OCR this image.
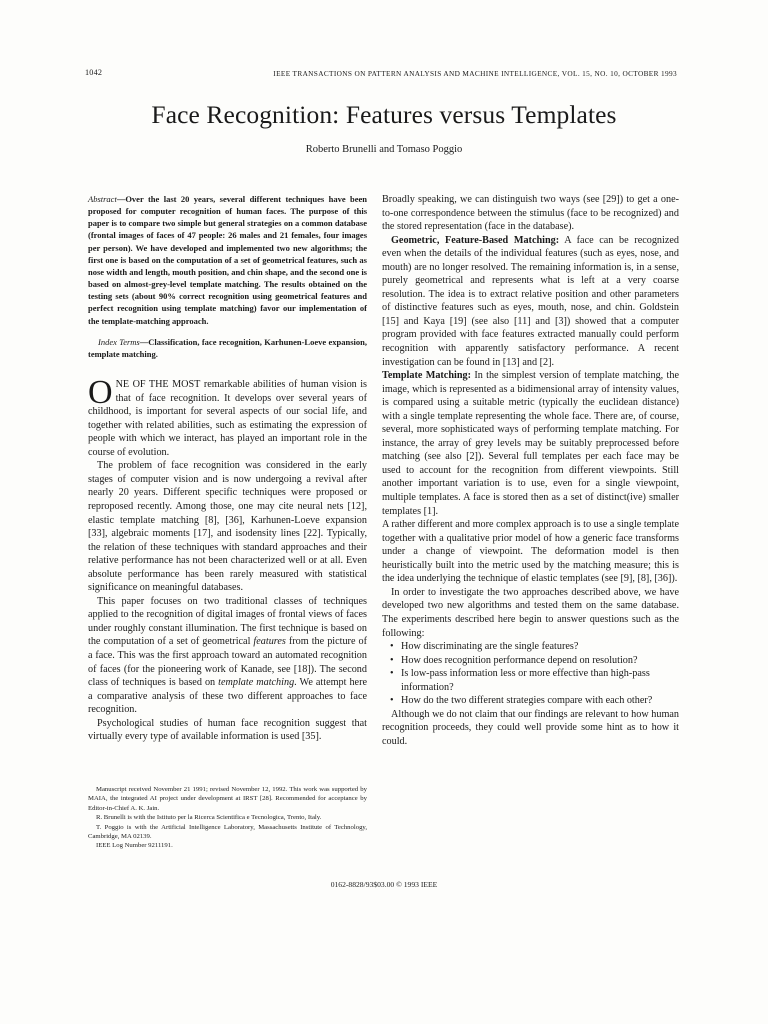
1042	IEEE TRANSACTIONS ON PATTERN ANALYSIS AND MACHINE INTELLIGENCE, VOL. 15, NO. 10, OCTOBER 1993
Face Recognition: Features versus Templates
Roberto Brunelli and Tomaso Poggio

Abstract—Over the last 20 years, several different techniques have been proposed for computer recognition of human faces. The purpose of this paper is to compare two simple but general strategies on a common database (frontal images of faces of 47 people: 26 males and 21 females, four images per person). We have developed and implemented two new algorithms; the first one is based on the computation of a set of geometrical features, such as nose width and length, mouth position, and chin shape, and the second one is based on almost-grey-level template matching. The results obtained on the testing sets (about 90% correct recognition using geometrical features and perfect recognition using template matching) favor our implementation of the template-matching approach.

Index Terms—Classification, face recognition, Karhunen-Loeve expansion, template matching.

ONE OF THE MOST remarkable abilities of human vision is that of face recognition. It develops over several years of childhood, is important for several aspects of our social life, and together with related abilities, such as estimating the expression of people with which we interact, has played an important role in the course of evolution.

The problem of face recognition was considered in the early stages of computer vision and is now undergoing a revival after nearly 20 years. Different specific techniques were proposed or reproposed recently. Among those, one may cite neural nets [12], elastic template matching [8], [36], Karhunen-Loeve expansion [33], algebraic moments [17], and isodensity lines [22]. Typically, the relation of these techniques with standard approaches and their relative performance has not been characterized well or at all. Even absolute performance has been rarely measured with statistical significance on meaningful databases.

This paper focuses on two traditional classes of techniques applied to the recognition of digital images of frontal views of faces under roughly constant illumination. The first technique is based on the computation of a set of geometrical features from the picture of a face. This was the first approach toward an automated recognition of faces (for the pioneering work of Kanade, see [18]). The second class of techniques is based on template matching. We attempt here a comparative analysis of these two different approaches to face recognition.

Psychological studies of human face recognition suggest that virtually every type of available information is used [35].

Manuscript received November 21 1991; revised November 12, 1992. This work was supported by MAIA, the integrated AI project under development at IRST [28]. Recommended for acceptance by Editor-in-Chief A. K. Jain.

R. Brunelli is with the Istituto per la Ricerca Scientifica e Tecnologica, Trento, Italy.

T. Poggio is with the Artificial Intelligence Laboratory, Massachusetts Institute of Technology, Cambridge, MA 02139.

IEEE Log Number 9211191.

Broadly speaking, we can distinguish two ways (see [29]) to get a one-to-one correspondence between the stimulus (face to be recognized) and the stored representation (face in the database).

Geometric, Feature-Based Matching: A face can be recognized even when the details of the individual features (such as eyes, nose, and mouth) are no longer resolved. The remaining information is, in a sense, purely geometrical and represents what is left at a very coarse resolution. The idea is to extract relative position and other parameters of distinctive features such as eyes, mouth, nose, and chin. Goldstein [15] and Kaya [19] (see also [11] and [3]) showed that a computer program provided with face features extracted manually could perform recognition with apparently satisfactory performance. A recent investigation can be found in [13] and [2].

Template Matching: In the simplest version of template matching, the image, which is represented as a bidimensional array of intensity values, is compared using a suitable metric (typically the euclidean distance) with a single template representing the whole face. There are, of course, several, more sophisticated ways of performing template matching. For instance, the array of grey levels may be suitably preprocessed before matching (see also [2]). Several full templates per each face may be used to account for the recognition from different viewpoints. Still another important variation is to use, even for a single viewpoint, multiple templates. A face is stored then as a set of distinct(ive) smaller templates [1].

A rather different and more complex approach is to use a single template together with a qualitative prior model of how a generic face transforms under a change of viewpoint. The deformation model is then heuristically built into the metric used by the matching measure; this is the idea underlying the technique of elastic templates (see [9], [8], [36]).

In order to investigate the two approaches described above, we have developed two new algorithms and tested them on the same database. The experiments described here begin to answer questions such as the following:

• How discriminating are the single features?
• How does recognition performance depend on resolution?
• Is low-pass information less or more effective than high-pass information?
• How do the two different strategies compare with each other?

Although we do not claim that our findings are relevant to how human recognition proceeds, they could well provide some hint as to how it could.

0162-8828/93$03.00 © 1993 IEEE
